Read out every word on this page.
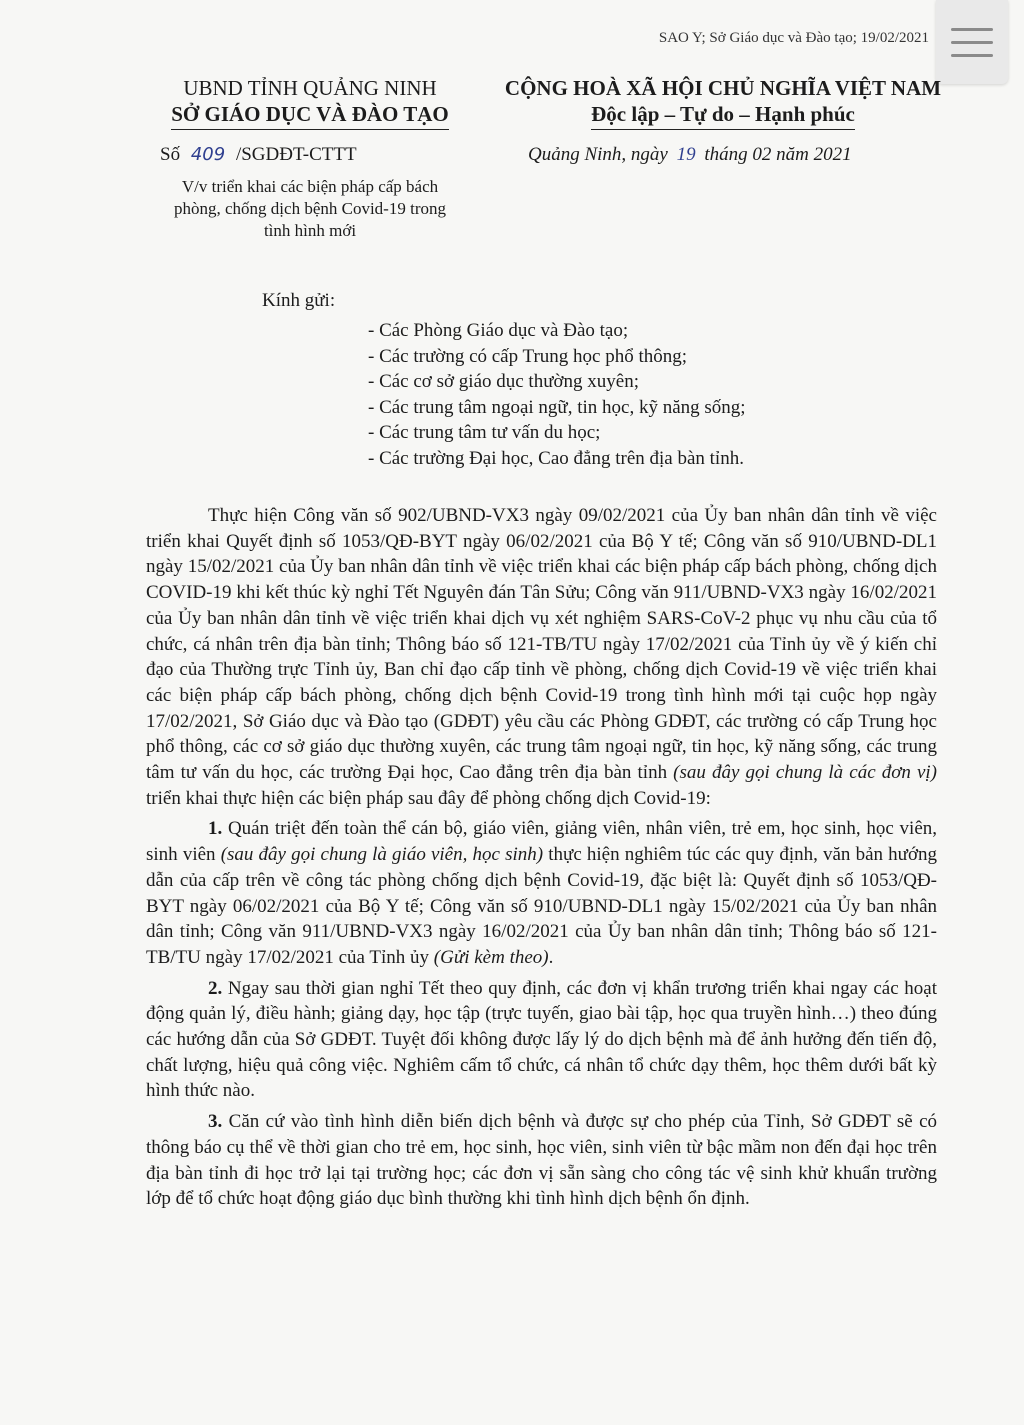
SAO Y; Sở Giáo dục và Đào tạo; 19/02/2021
UBND TỈNH QUẢNG NINH
SỞ GIÁO DỤC VÀ ĐÀO TẠO
CỘNG HOÀ XÃ HỘI CHỦ NGHĨA VIỆT NAM
Độc lập – Tự do – Hạnh phúc
Số 409 /SGDĐT-CTTT	Quảng Ninh, ngày 19 tháng 02 năm 2021
V/v triển khai các biện pháp cấp bách phòng, chống dịch bệnh Covid-19 trong tình hình mới
Kính gửi:
- Các Phòng Giáo dục và Đào tạo;
- Các trường có cấp Trung học phổ thông;
- Các cơ sở giáo dục thường xuyên;
- Các trung tâm ngoại ngữ, tin học, kỹ năng sống;
- Các trung tâm tư vấn du học;
- Các trường Đại học, Cao đẳng trên địa bàn tỉnh.

Thực hiện Công văn số 902/UBND-VX3 ngày 09/02/2021 của Ủy ban nhân dân tỉnh về việc triển khai Quyết định số 1053/QĐ-BYT ngày 06/02/2021 của Bộ Y tế; Công văn số 910/UBND-DL1 ngày 15/02/2021 của Ủy ban nhân dân tỉnh về việc triển khai các biện pháp cấp bách phòng, chống dịch COVID-19 khi kết thúc kỳ nghỉ Tết Nguyên đán Tân Sửu; Công văn 911/UBND-VX3 ngày 16/02/2021 của Ủy ban nhân dân tỉnh về việc triển khai dịch vụ xét nghiệm SARS-CoV-2 phục vụ nhu cầu của tổ chức, cá nhân trên địa bàn tỉnh; Thông báo số 121-TB/TU ngày 17/02/2021 của Tỉnh ủy về ý kiến chỉ đạo của Thường trực Tỉnh ủy, Ban chỉ đạo cấp tỉnh về phòng, chống dịch Covid-19 về việc triển khai các biện pháp cấp bách phòng, chống dịch bệnh Covid-19 trong tình hình mới tại cuộc họp ngày 17/02/2021, Sở Giáo dục và Đào tạo (GDĐT) yêu cầu các Phòng GDĐT, các trường có cấp Trung học phổ thông, các cơ sở giáo dục thường xuyên, các trung tâm ngoại ngữ, tin học, kỹ năng sống, các trung tâm tư vấn du học, các trường Đại học, Cao đẳng trên địa bàn tỉnh (sau đây gọi chung là các đơn vị) triển khai thực hiện các biện pháp sau đây để phòng chống dịch Covid-19:

1. Quán triệt đến toàn thể cán bộ, giáo viên, giảng viên, nhân viên, trẻ em, học sinh, học viên, sinh viên (sau đây gọi chung là giáo viên, học sinh) thực hiện nghiêm túc các quy định, văn bản hướng dẫn của cấp trên về công tác phòng chống dịch bệnh Covid-19, đặc biệt là: Quyết định số 1053/QĐ-BYT ngày 06/02/2021 của Bộ Y tế; Công văn số 910/UBND-DL1 ngày 15/02/2021 của Ủy ban nhân dân tỉnh; Công văn 911/UBND-VX3 ngày 16/02/2021 của Ủy ban nhân dân tỉnh; Thông báo số 121-TB/TU ngày 17/02/2021 của Tỉnh ủy (Gửi kèm theo).

2. Ngay sau thời gian nghỉ Tết theo quy định, các đơn vị khẩn trương triển khai ngay các hoạt động quản lý, điều hành; giảng dạy, học tập (trực tuyến, giao bài tập, học qua truyền hình…) theo đúng các hướng dẫn của Sở GDĐT. Tuyệt đối không được lấy lý do dịch bệnh mà để ảnh hưởng đến tiến độ, chất lượng, hiệu quả công việc. Nghiêm cấm tổ chức, cá nhân tổ chức dạy thêm, học thêm dưới bất kỳ hình thức nào.

3. Căn cứ vào tình hình diễn biến dịch bệnh và được sự cho phép của Tỉnh, Sở GDĐT sẽ có thông báo cụ thể về thời gian cho trẻ em, học sinh, học viên, sinh viên từ bậc mầm non đến đại học trên địa bàn tỉnh đi học trở lại tại trường học; các đơn vị sẵn sàng cho công tác vệ sinh khử khuẩn trường lớp để tổ chức hoạt động giáo dục bình thường khi tình hình dịch bệnh ổn định.
